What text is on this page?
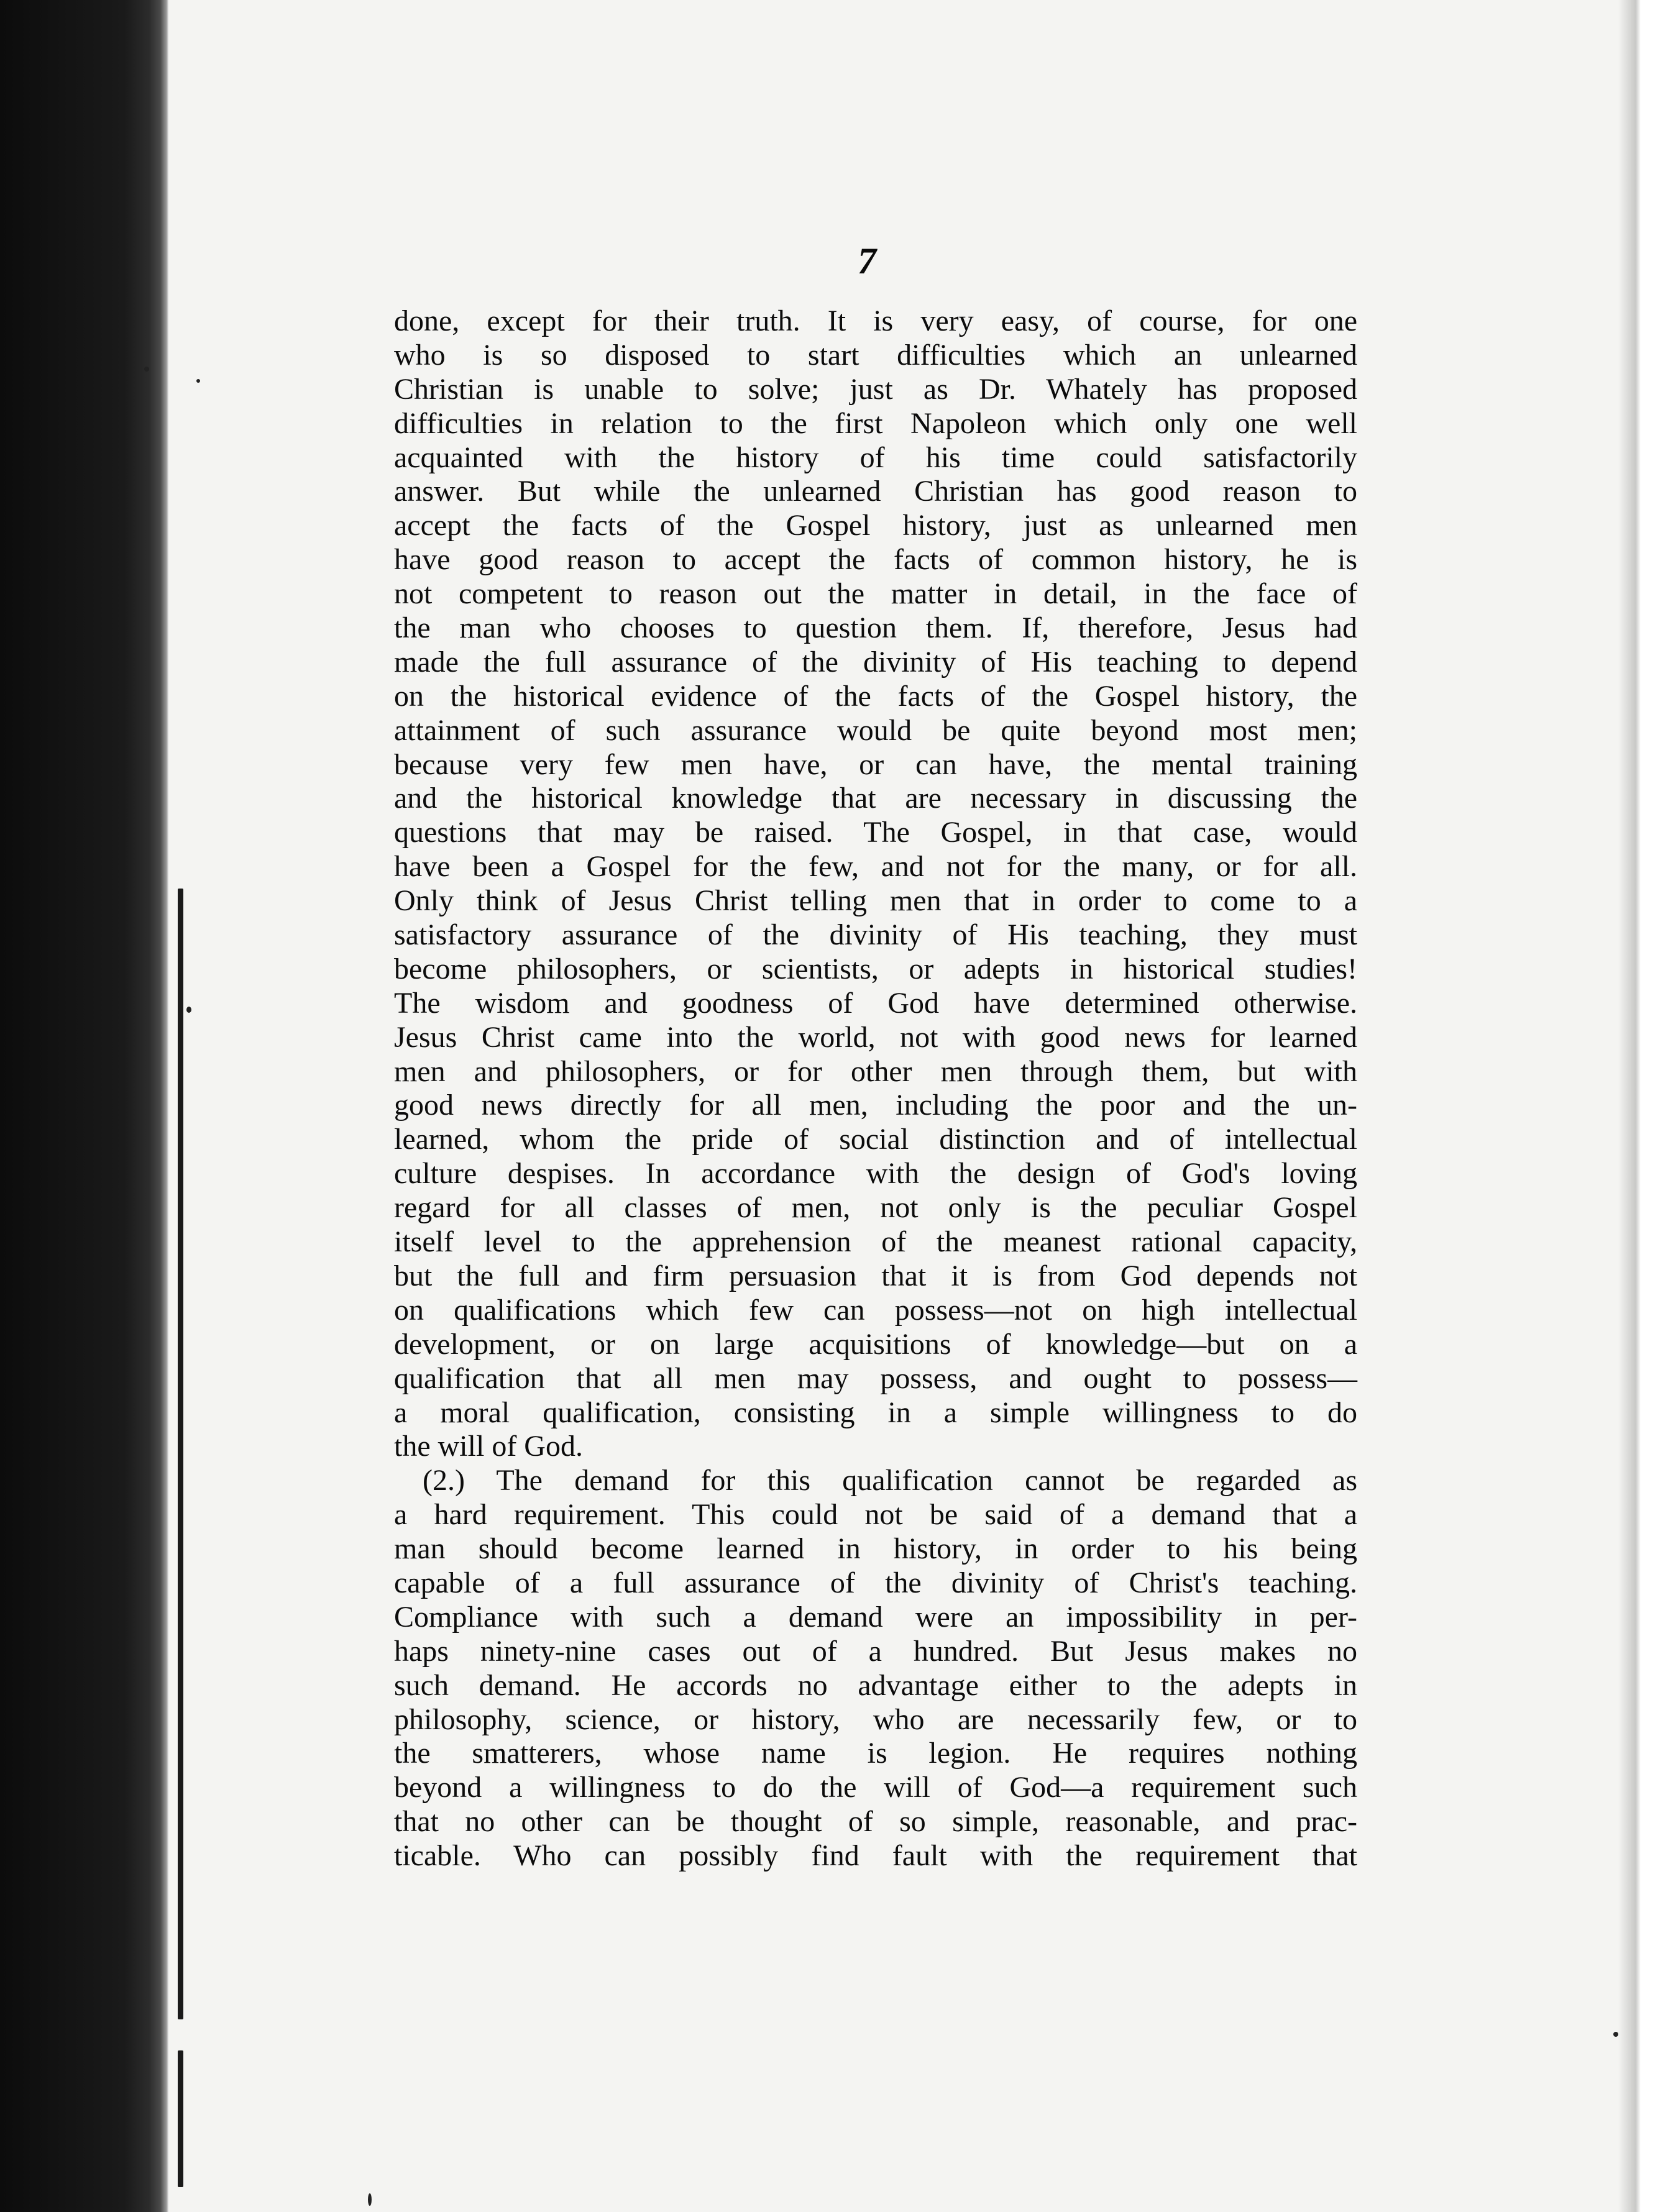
7
done, except for their truth. It is very easy, of course, for one
who is so disposed to start difficulties which an unlearned
Christian is unable to solve; just as Dr. Whately has proposed
difficulties in relation to the first Napoleon which only one well
acquainted with the history of his time could satisfactorily
answer. But while the unlearned Christian has good reason to
accept the facts of the Gospel history, just as unlearned men
have good reason to accept the facts of common history, he is
not competent to reason out the matter in detail, in the face of
the man who chooses to question them. If, therefore, Jesus had
made the full assurance of the divinity of His teaching to depend
on the historical evidence of the facts of the Gospel history, the
attainment of such assurance would be quite beyond most men;
because very few men have, or can have, the mental training
and the historical knowledge that are necessary in discussing the
questions that may be raised. The Gospel, in that case, would
have been a Gospel for the few, and not for the many, or for all.
Only think of Jesus Christ telling men that in order to come to a
satisfactory assurance of the divinity of His teaching, they must
become philosophers, or scientists, or adepts in historical studies!
The wisdom and goodness of God have determined otherwise.
Jesus Christ came into the world, not with good news for learned
men and philosophers, or for other men through them, but with
good news directly for all men, including the poor and the un-
learned, whom the pride of social distinction and of intellectual
culture despises. In accordance with the design of God's loving
regard for all classes of men, not only is the peculiar Gospel
itself level to the apprehension of the meanest rational capacity,
but the full and firm persuasion that it is from God depends not
on qualifications which few can possess—not on high intellectual
development, or on large acquisitions of knowledge—but on a
qualification that all men may possess, and ought to possess—
a moral qualification, consisting in a simple willingness to do
the will of God.
(2.) The demand for this qualification cannot be regarded as
a hard requirement. This could not be said of a demand that a
man should become learned in history, in order to his being
capable of a full assurance of the divinity of Christ's teaching.
Compliance with such a demand were an impossibility in per-
haps ninety-nine cases out of a hundred. But Jesus makes no
such demand. He accords no advantage either to the adepts in
philosophy, science, or history, who are necessarily few, or to
the smatterers, whose name is legion. He requires nothing
beyond a willingness to do the will of God—a requirement such
that no other can be thought of so simple, reasonable, and prac-
ticable. Who can possibly find fault with the requirement that
